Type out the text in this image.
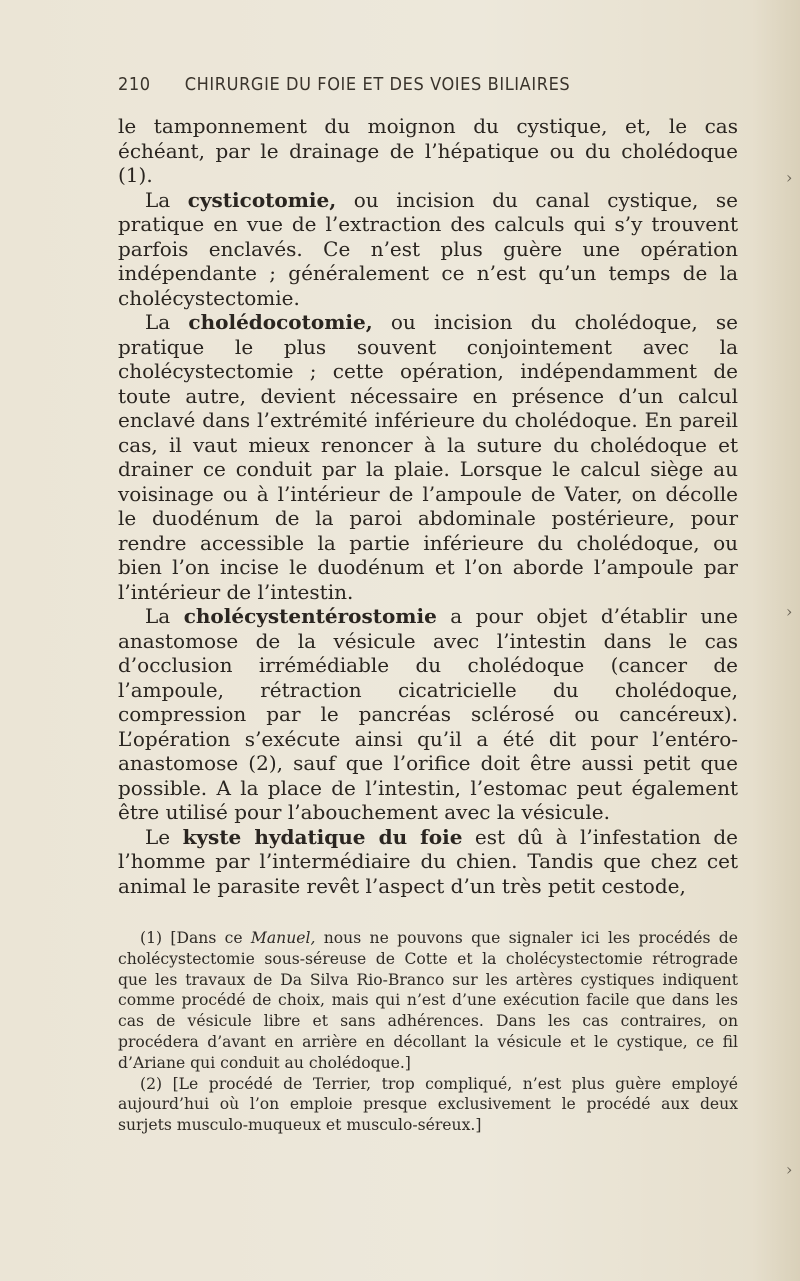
210 CHIRURGIE DU FOIE ET DES VOIES BILIAIRES

le tamponnement du moignon du cystique, et, le cas échéant, par le drainage de l’hépatique ou du cholédoque (1).

La cysticotomie, ou incision du canal cystique, se pratique en vue de l’extraction des calculs qui s’y trouvent parfois enclavés. Ce n’est plus guère une opération indépendante ; généralement ce n’est qu’un temps de la cholécystectomie.

La cholédocotomie, ou incision du cholédoque, se pratique le plus souvent conjointement avec la cholécystectomie ; cette opération, indépendamment de toute autre, devient nécessaire en présence d’un calcul enclavé dans l’extrémité inférieure du cholédoque. En pareil cas, il vaut mieux renoncer à la suture du cholédoque et drainer ce conduit par la plaie. Lorsque le calcul siège au voisinage ou à l’intérieur de l’ampoule de Vater, on décolle le duodénum de la paroi abdominale postérieure, pour rendre accessible la partie inférieure du cholédoque, ou bien l’on incise le duodénum et l’on aborde l’ampoule par l’intérieur de l’intestin.

La cholécystentérostomie a pour objet d’établir une anastomose de la vésicule avec l’intestin dans le cas d’occlusion irrémédiable du cholédoque (cancer de l’ampoule, rétraction cicatricielle du cholédoque, compression par le pancréas sclérosé ou cancéreux). L’opération s’exécute ainsi qu’il a été dit pour l’entéro-anastomose (2), sauf que l’orifice doit être aussi petit que possible. A la place de l’intestin, l’estomac peut également être utilisé pour l’abouchement avec la vésicule.

Le kyste hydatique du foie est dû à l’infestation de l’homme par l’intermédiaire du chien. Tandis que chez cet animal le parasite revêt l’aspect d’un très petit cestode,

(1) [Dans ce Manuel, nous ne pouvons que signaler ici les procédés de cholécystectomie sous-séreuse de Cotte et la cholécystectomie rétrograde que les travaux de Da Silva Rio-Branco sur les artères cystiques indiquent comme procédé de choix, mais qui n’est d’une exécution facile que dans les cas de vésicule libre et sans adhérences. Dans les cas contraires, on procédera d’avant en arrière en décollant la vésicule et le cystique, ce fil d’Ariane qui conduit au cholédoque.]

(2) [Le procédé de Terrier, trop compliqué, n’est plus guère employé aujourd’hui où l’on emploie presque exclusivement le procédé aux deux surjets musculo-muqueux et musculo-séreux.]

›
›
›
